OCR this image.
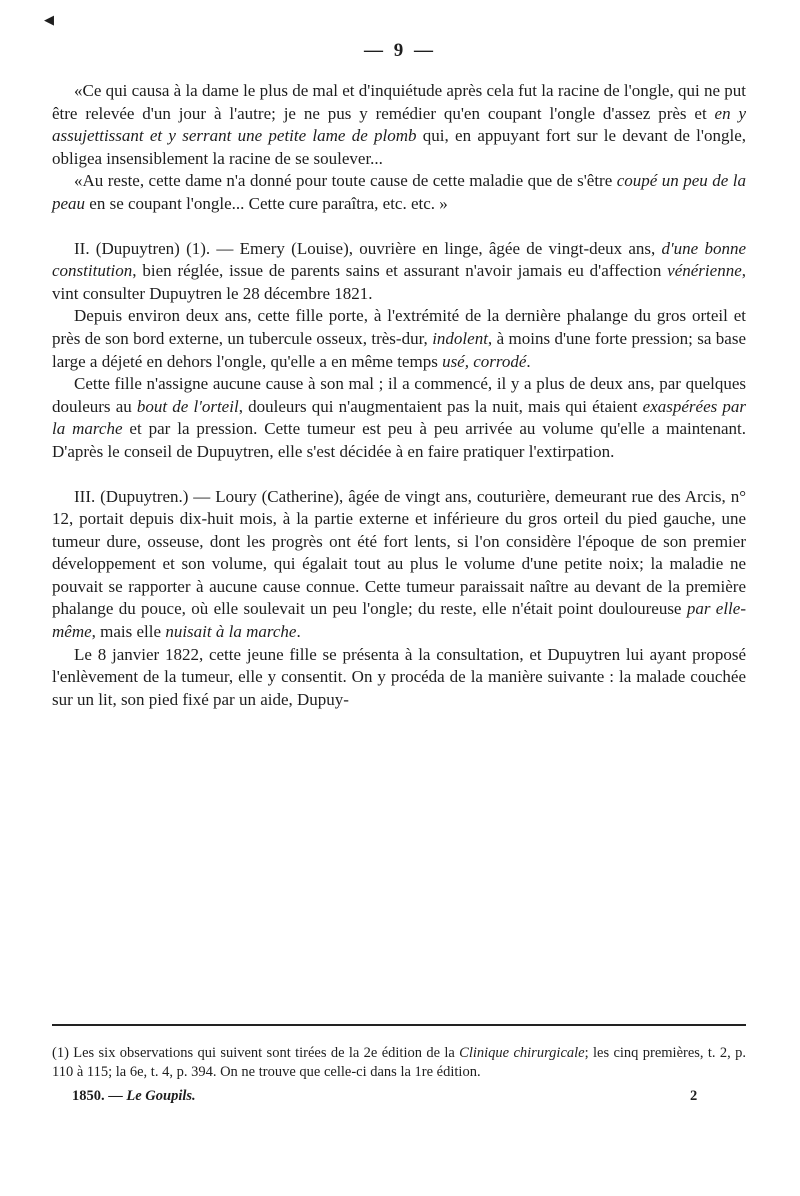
◀
— 9 —

«Ce qui causa à la dame le plus de mal et d'inquiétude après cela fut la racine de l'ongle, qui ne put être relevée d'un jour à l'autre; je ne pus y remédier qu'en coupant l'ongle d'assez près et en y assujettissant et y serrant une petite lame de plomb qui, en appuyant fort sur le devant de l'ongle, obligea insensiblement la racine de se soulever...

«Au reste, cette dame n'a donné pour toute cause de cette maladie que de s'être coupé un peu de la peau en se coupant l'ongle... Cette cure paraîtra, etc. etc. »

II. (Dupuytren) (1). — Emery (Louise), ouvrière en linge, âgée de vingt-deux ans, d'une bonne constitution, bien réglée, issue de parents sains et assurant n'avoir jamais eu d'affection vénérienne, vint consulter Dupuytren le 28 décembre 1821.

Depuis environ deux ans, cette fille porte, à l'extrémité de la dernière phalange du gros orteil et près de son bord externe, un tubercule osseux, très-dur, indolent, à moins d'une forte pression; sa base large a déjeté en dehors l'ongle, qu'elle a en même temps usé, corrodé.

Cette fille n'assigne aucune cause à son mal ; il a commencé, il y a plus de deux ans, par quelques douleurs au bout de l'orteil, douleurs qui n'augmentaient pas la nuit, mais qui étaient exaspérées par la marche et par la pression. Cette tumeur est peu à peu arrivée au volume qu'elle a maintenant. D'après le conseil de Dupuytren, elle s'est décidée à en faire pratiquer l'extirpation.

III. (Dupuytren.) — Loury (Catherine), âgée de vingt ans, couturière, demeurant rue des Arcis, n° 12, portait depuis dix-huit mois, à la partie externe et inférieure du gros orteil du pied gauche, une tumeur dure, osseuse, dont les progrès ont été fort lents, si l'on considère l'époque de son premier développement et son volume, qui égalait tout au plus le volume d'une petite noix; la maladie ne pouvait se rapporter à aucune cause connue. Cette tumeur paraissait naître au devant de la première phalange du pouce, où elle soulevait un peu l'ongle; du reste, elle n'était point douloureuse par elle-même, mais elle nuisait à la marche.

Le 8 janvier 1822, cette jeune fille se présenta à la consultation, et Dupuytren lui ayant proposé l'enlèvement de la tumeur, elle y consentit. On y procéda de la manière suivante : la malade couchée sur un lit, son pied fixé par un aide, Dupuy-

(1) Les six observations qui suivent sont tirées de la 2e édition de la Clinique chirurgicale; les cinq premières, t. 2, p. 110 à 115; la 6e, t. 4, p. 394. On ne trouve que celle-ci dans la 1re édition.

1850. — Le Goupils.	2
